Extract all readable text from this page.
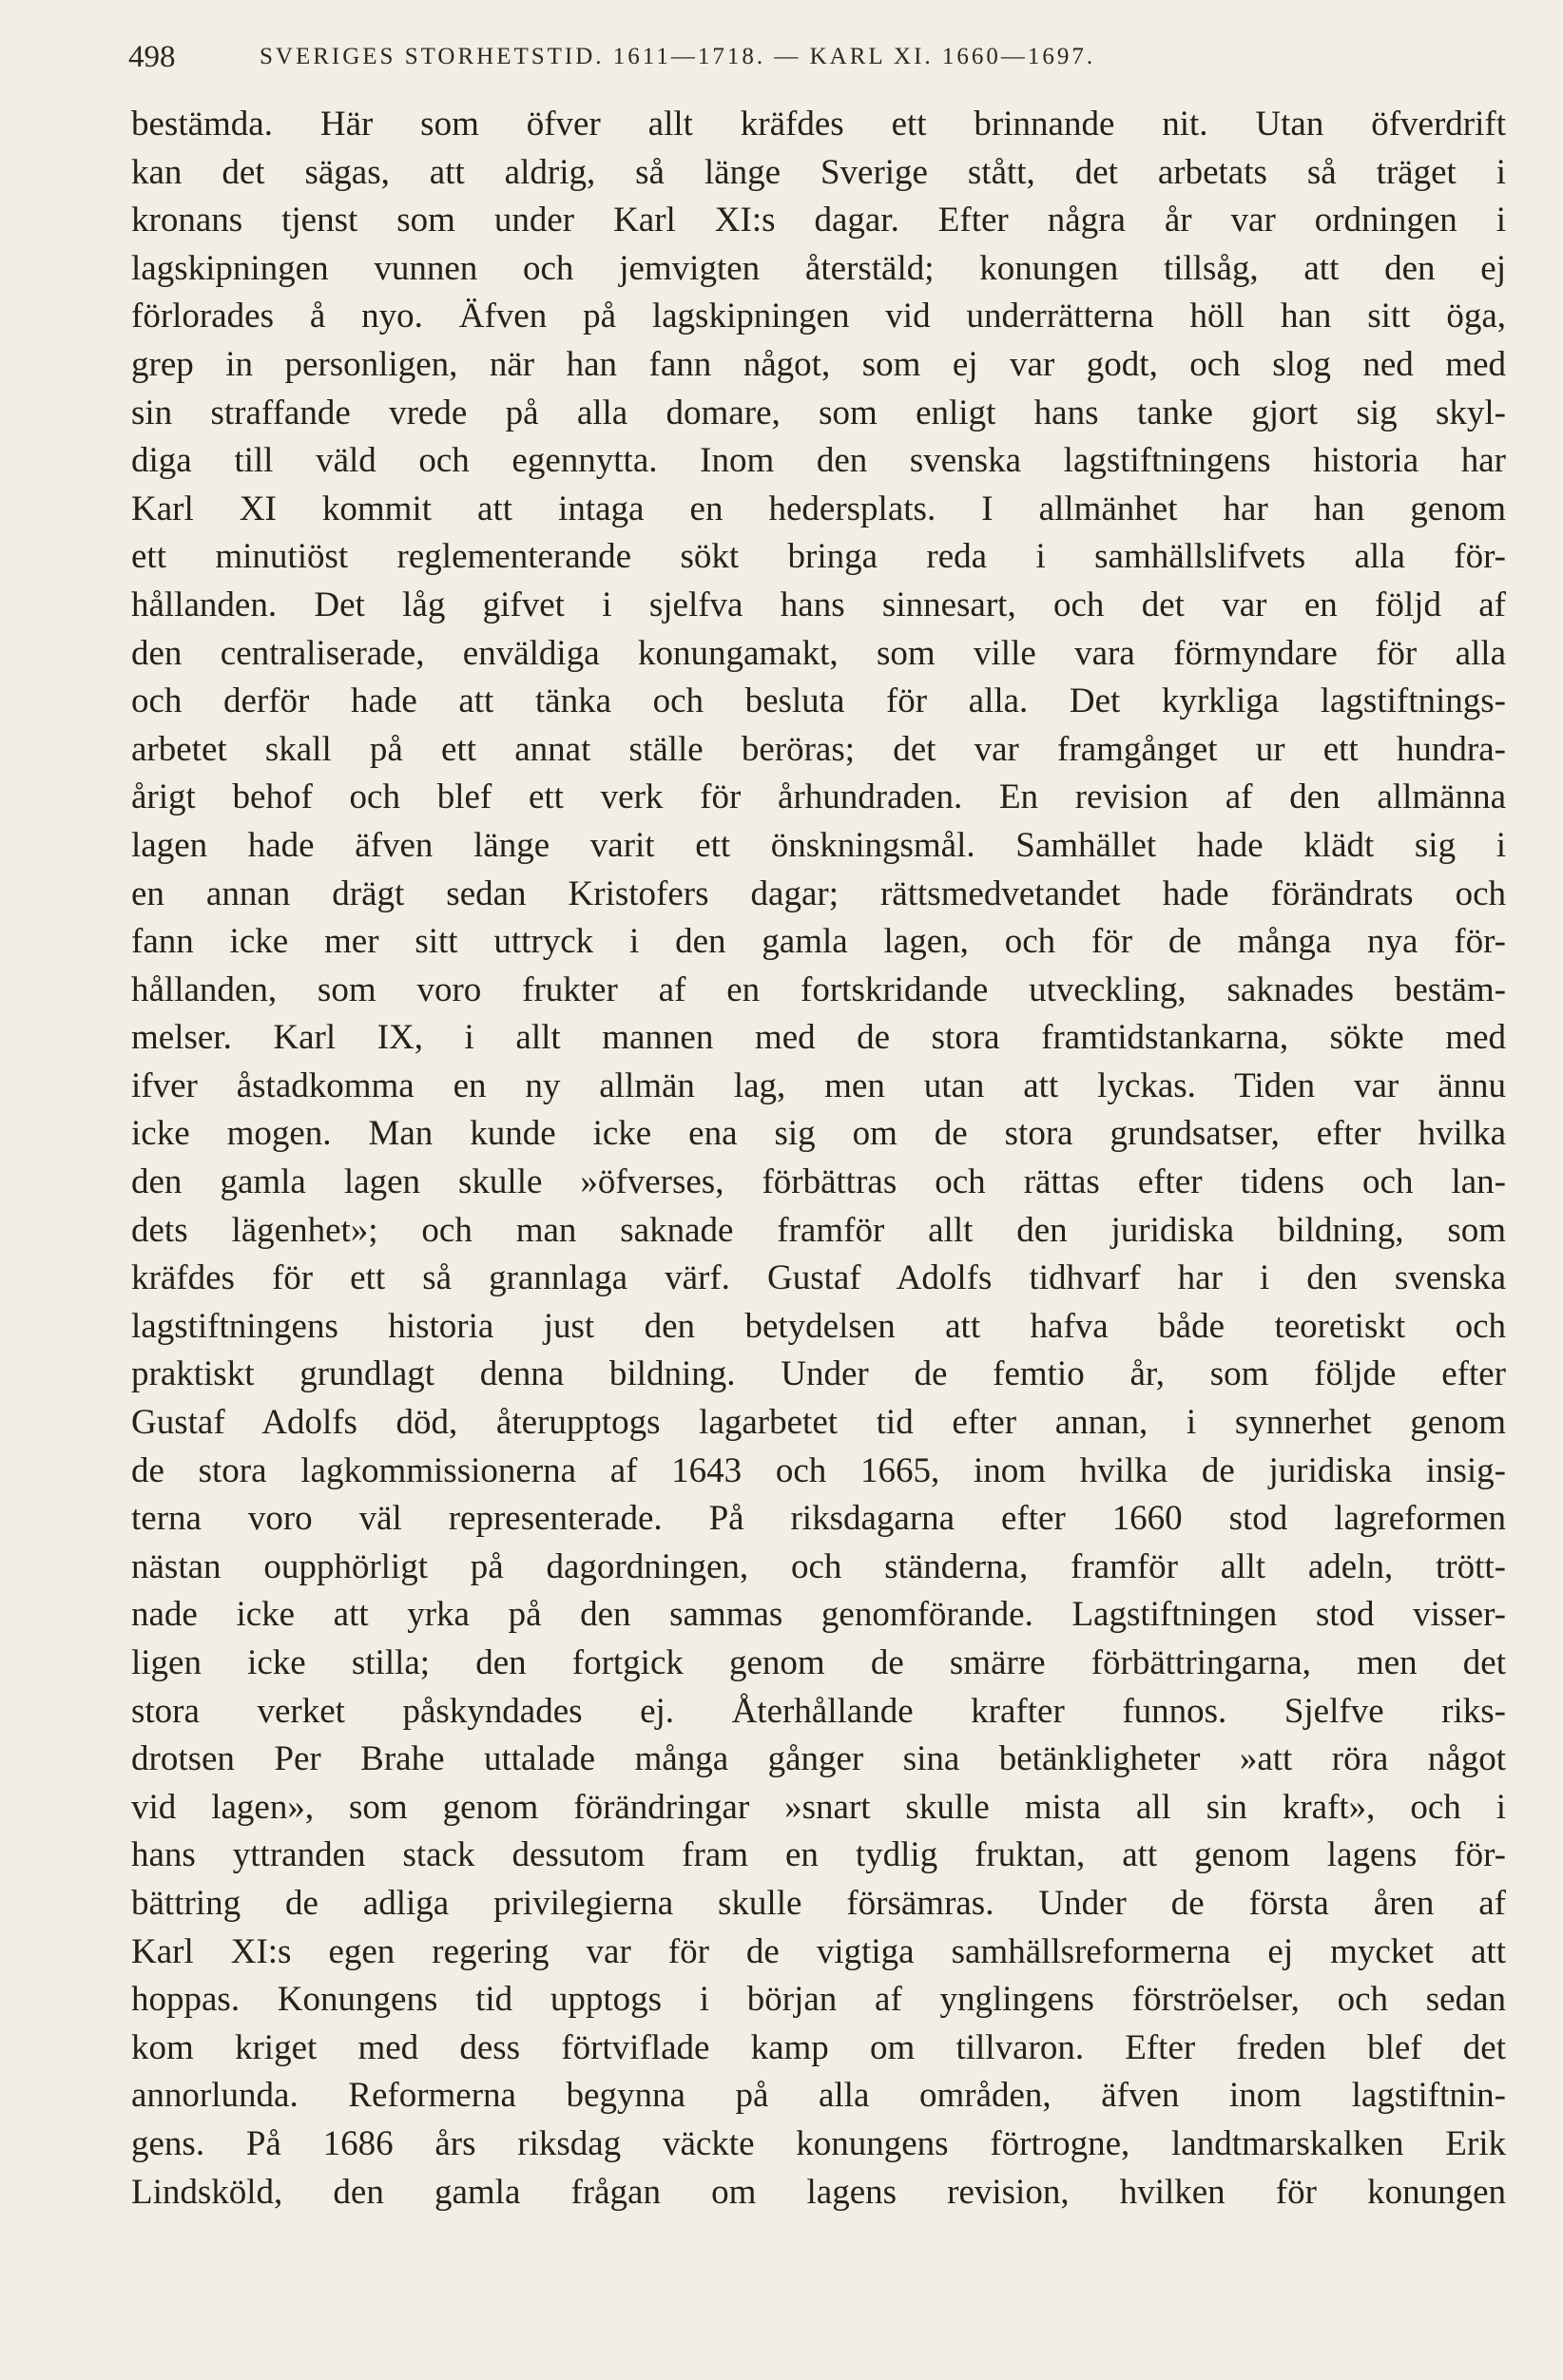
498	SVERIGES STORHETSTID. 1611—1718. — KARL XI. 1660—1697.
bestämda. Här som öfver allt kräfdes ett brinnande nit. Utan öfverdrift
kan det sägas, att aldrig, så länge Sverige stått, det arbetats så träget i
kronans tjenst som under Karl XI:s dagar. Efter några år var ordningen i
lagskipningen vunnen och jemvigten återstäld; konungen tillsåg, att den ej
förlorades å nyo. Äfven på lagskipningen vid underrätterna höll han sitt öga,
grep in personligen, när han fann något, som ej var godt, och slog ned med
sin straffande vrede på alla domare, som enligt hans tanke gjort sig skyl-
diga till väld och egennytta. Inom den svenska lagstiftningens historia har
Karl XI kommit att intaga en hedersplats. I allmänhet har han genom
ett minutiöst reglementerande sökt bringa reda i samhällslifvets alla för-
hållanden. Det låg gifvet i sjelfva hans sinnesart, och det var en följd af
den centraliserade, enväldiga konungamakt, som ville vara förmyndare för alla
och derför hade att tänka och besluta för alla. Det kyrkliga lagstiftnings-
arbetet skall på ett annat ställe beröras; det var framgånget ur ett hundra-
årigt behof och blef ett verk för århundraden. En revision af den allmänna
lagen hade äfven länge varit ett önskningsmål. Samhället hade klädt sig i
en annan drägt sedan Kristofers dagar; rättsmedvetandet hade förändrats och
fann icke mer sitt uttryck i den gamla lagen, och för de många nya för-
hållanden, som voro frukter af en fortskridande utveckling, saknades bestäm-
melser. Karl IX, i allt mannen med de stora framtidstankarna, sökte med
ifver åstadkomma en ny allmän lag, men utan att lyckas. Tiden var ännu
icke mogen. Man kunde icke ena sig om de stora grundsatser, efter hvilka
den gamla lagen skulle »öfverses, förbättras och rättas efter tidens och lan-
dets lägenhet»; och man saknade framför allt den juridiska bildning, som
kräfdes för ett så grannlaga värf. Gustaf Adolfs tidhvarf har i den svenska
lagstiftningens historia just den betydelsen att hafva både teoretiskt och
praktiskt grundlagt denna bildning. Under de femtio år, som följde efter
Gustaf Adolfs död, återupptogs lagarbetet tid efter annan, i synnerhet genom
de stora lagkommissionerna af 1643 och 1665, inom hvilka de juridiska insig-
terna voro väl representerade. På riksdagarna efter 1660 stod lagreformen
nästan oupphörligt på dagordningen, och ständerna, framför allt adeln, trött-
nade icke att yrka på den sammas genomförande. Lagstiftningen stod visser-
ligen icke stilla; den fortgick genom de smärre förbättringarna, men det
stora verket påskyndades ej. Återhållande krafter funnos. Sjelfve riks-
drotsen Per Brahe uttalade många gånger sina betänkligheter »att röra något
vid lagen», som genom förändringar »snart skulle mista all sin kraft», och i
hans yttranden stack dessutom fram en tydlig fruktan, att genom lagens för-
bättring de adliga privilegierna skulle försämras. Under de första åren af
Karl XI:s egen regering var för de vigtiga samhällsreformerna ej mycket att
hoppas. Konungens tid upptogs i början af ynglingens förströelser, och sedan
kom kriget med dess förtviflade kamp om tillvaron. Efter freden blef det
annorlunda. Reformerna begynna på alla områden, äfven inom lagstiftnin-
gens. På 1686 års riksdag väckte konungens förtrogne, landtmarskalken Erik
Lindsköld, den gamla frågan om lagens revision, hvilken för konungen
